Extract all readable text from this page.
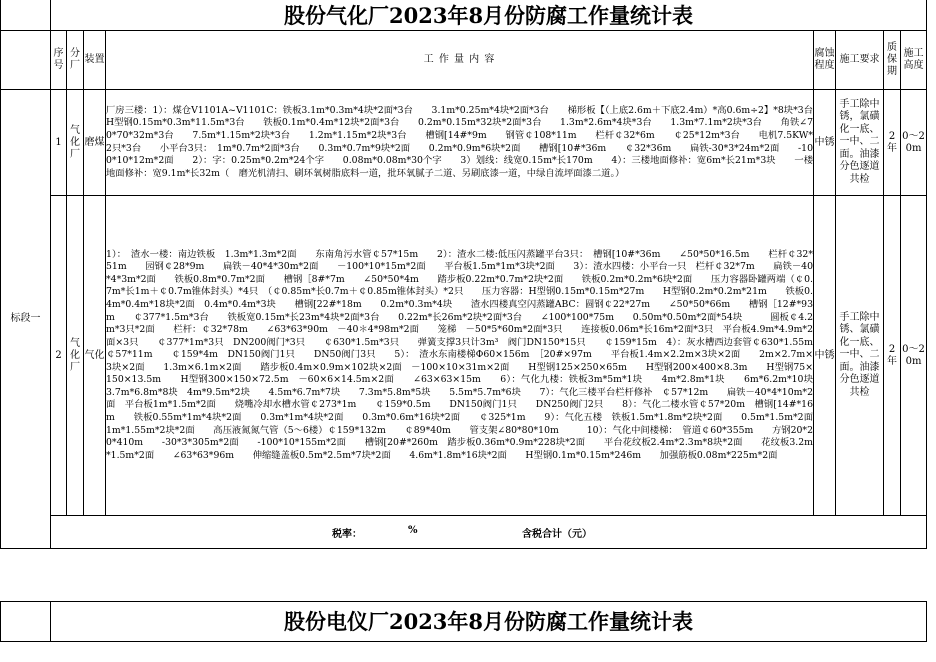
	股份气化厂2023年8月份防腐工作量统计表							
	序号	分厂	装置	工 作 量 内 容	腐蚀程度	施工要求	质保期	施工高度
标段一	1	气化厂	磨煤	厂房三楼：1）：煤仓V1101A~V1101C：铁板3.1m*0.3m*4块*2面*3台　　3.1m*0.25m*4块*2面*3台　　梯形板【（上底2.6m＋下底2.4m）*高0.6m÷2】*8块*3台　　H型钢0.15m*0.3m*11.5m*3台　　铁板0.1m*0.4m*12块*2面*3台　　0.2m*0.15m*32块*2面*3台　　1.3m*2.6m*4块*3台　　1.3m*7.1m*2块*3台　　角铁∠70*70*32m*3台　　7.5m*1.15m*2块*3台　　1.2m*1.15m*2块*3台　　槽钢[14#*9m　　钢管￠108*11m　　栏杆￠32*6m　　￠25*12m*3台　　电机7.5KW*2只*3台　　小平台3只：　1m*0.7m*2面*3台　　0.3m*0.7m*9块*2面　　0.2m*0.9m*6块*2面　　槽钢[10#*36m　　￠32*36m　　扁铁-30*3*24m*2面　　-100*10*12m*2面　　2）：字：0.25m*0.2m*24个字　　0.08m*0.08m*30个字　　3）划线：线宽0.15m*长170m　　4）：三楼地面修补：宽6m*长21m*3块　　一楼地面修补：宽9.1m*长32m（　磨光机清扫、刷环氧树脂底料一道，批环氧腻子二道、另刷底漆一道，中绿自流坪面漆二道。）	中锈	手工除中锈，氯磺化一底、一中、二面。油漆分色逐道共检	2年	0～20m
	2	气化厂	气化	1）：　渣水一楼：南边铁板　1.3m*1.3m*2面　　东南角污水管￠57*15m　　2）：渣水二楼:低压闪蒸罐平台3只：　槽钢[10#*36m　　∠50*50*16.5m　　栏杆￠32*51m　　园钢￠28*9m　　扁铁－40*4*30m*2面　　－100*10*15m*2面　　平台板1.5m*1m*3块*2面　　3）：渣水四楼：小平台一只　栏杆￠32*7m　　扁铁－40*4*3m*2面　　铁板0.8m*0.7m*2面　　槽钢［8#*7m　　∠50*50*4m　　踏步板0.22m*0.7m*2块*2面　　铁板0.2m*0.2m*6块*2面　　压力容器卧罐两端（￠0.7m*长1m＋￠0.7m锥体封头）*4只　（￠0.85m*长0.7m＋￠0.85m锥体封头）*2只　　压力容器：H型钢0.15m*0.15m*27m　　H型钢0.2m*0.2m*21m　　铁板0.4m*0.4m*18块*2面　0.4m*0.4m*3块　　槽钢[22#*18m　　0.2m*0.3m*4块　　渣水四楼真空闪蒸罐ABC：圆钢￠22*27m　　∠50*50*66m　　槽钢［12#*93m　　￠377*1.5m*3台　　铁板宽0.15m*长23m*4块*2面*3台　　0.22m*长26m*2块*2面*3台　　∠100*100*75m　　0.50m*0.50m*2面*54块　　　圆板￠4.2m*3只*2面　　栏杆：￠32*78m　　∠63*63*90m　－40＊4*98m*2面　　笼梯　－50*5*60m*2面*3只　　连接板0.06m*长16m*2面*3只　平台板4.9m*4.9m*2面×3只　　￠377*1m*3只　DN200阀门*3只　　￠630*1.5m*3只　　弹簧支撑3只计3m³　阀门DN150*15只　　￠159*15m　4）：灰水槽西边套管￠630*1.55m　　￠57*11m　　￠159*4m　DN150阀门1只　　DN50阀门3只　　5）：　渣水东南楼梯Φ60×156m　［20#×97m　　平台板1.4m×2.2m×3块×2面　　2m×2.7m×3块×2面　　1.3m×6.1m×2面　　踏步板0.4m×0.9m×102块×2面　－100×10×31m×2面　　H型钢125×250×65m　　H型钢200×400×8.3m　　H型钢75×150×13.5m　　H型钢300×150×72.5m　－60×6×14.5m×2面　　∠63×63×15m　　6）：气化九楼：铁板3m*5m*1块　　4m*2.8m*1块　　6m*6.2m*10块　　3.7m*6.8m*8块　4m*9.5m*2块　　4.5m*6.7m*7块　　7.3m*5.8m*5块　　5.5m*5.7m*6块　　7）：气化三楼平台栏杆修补　￠57*12m　　扁铁－40*4*10m*2面　平台板1m*1.5m*2面　　烧嘴冷却水槽水管￠273*1m　　￠159*0.5m　　DN150阀门1只　　DN250阀门2只　　8）：气化二楼水管￠57*20m　槽钢[14#*16m　　铁板0.55m*1m*4块*2面　　0.3m*1m*4块*2面　　0.3m*0.6m*16块*2面　　￠325*1m　　9）：气化五楼　铁板1.5m*1.8m*2块*2面　　0.5m*1.5m*2面　　1m*1.55m*2块*2面　　高压液氮氮气管（5～6楼）￠159*132m　　￠89*40m　　管支架∠80*80*10m　　　10）：气化中间楼梯：　管道￠60*355m　　方钢20*20*410m　　-30*3*305m*2面　　-100*10*155m*2面　　槽钢[20#*260m　踏步板0.36m*0.9m*228块*2面　　平台花纹板2.4m*2.3m*8块*2面　　花纹板3.2m*1.5m*2面　　∠63*63*96m　　伸缩缝盖板0.5m*2.5m*7块*2面　　4.6m*1.8m*16块*2面　　H型钢0.1m*0.15m*246m　　加强筋板0.08m*225m*2面	中锈	手工除中锈、氯磺化一底、一中、二面。油漆分色逐道共检	2年	0～20m

	税率： % 含税合计（元）							
	股份电仪厂2023年8月份防腐工作量统计表
